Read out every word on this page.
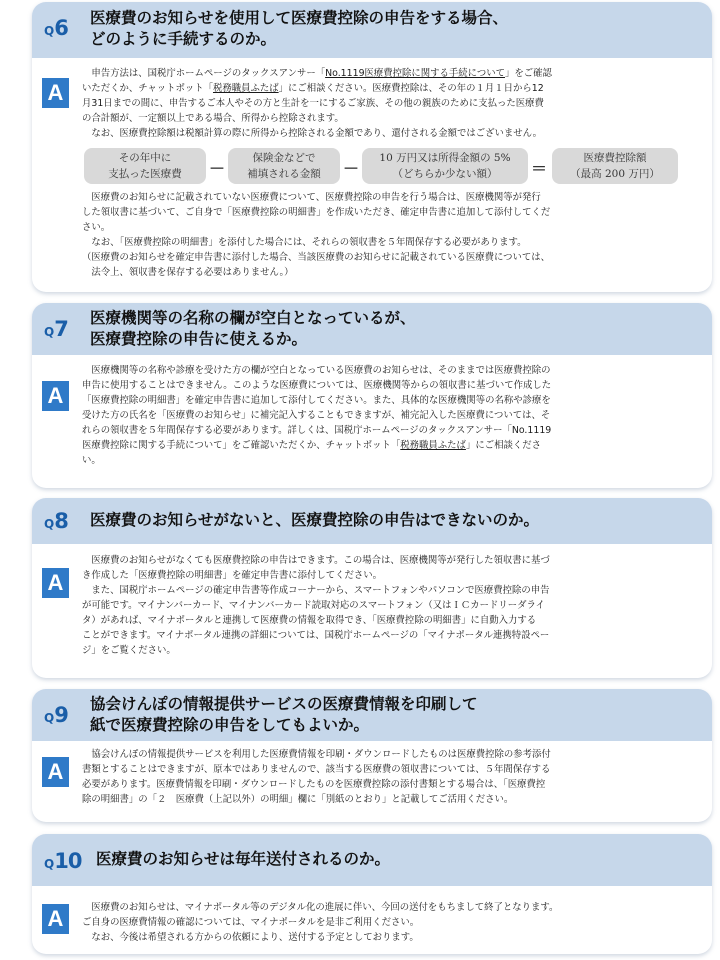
Q6 医療費のお知らせを使用して医療費控除の申告をする場合、
どのように手続するのか。
A
　申告方法は、国税庁ホームページのタックスアンサー「No.1119医療費控除に関する手続について」をご確認
いただくか、チャットボット「税務職員ふたば」にご相談ください。医療費控除は、その年の１月１日から12
月31日までの間に、申告するご本人やその方と生計を一にするご家族、その他の親族のために支払った医療費
の合計額が、一定額以上である場合、所得から控除されます。
　なお、医療費控除額は税額計算の際に所得から控除される金額であり、還付される金額ではございません。
その年中に
支払った医療費	－
保険金などで
補填される金額	－
10 万円又は所得金額の 5%
（どちらか少ない額）	＝
医療費控除額
（最高 200 万円）
　医療費のお知らせに記載されていない医療費について、医療費控除の申告を行う場合は、医療機関等が発行
した領収書に基づいて、ご自身で「医療費控除の明細書」を作成いただき、確定申告書に追加して添付してくだ
さい。
　なお、「医療費控除の明細書」を添付した場合には、それらの領収書を５年間保存する必要があります。
（医療費のお知らせを確定申告書に添付した場合、当該医療費のお知らせに記載されている医療費については、
　法令上、領収書を保存する必要はありません。）
Q7 医療機関等の名称の欄が空白となっているが、
医療費控除の申告に使えるか。
A
　医療機関等の名称や診療を受けた方の欄が空白となっている医療費のお知らせは、そのままでは医療費控除の
申告に使用することはできません。このような医療費については、医療機関等からの領収書に基づいて作成した
「医療費控除の明細書」を確定申告書に追加して添付してください。また、具体的な医療機関等の名称や診療を
受けた方の氏名を「医療費のお知らせ」に補完記入することもできますが、補完記入した医療費については、そ
れらの領収書を５年間保存する必要があります。詳しくは、国税庁ホームページのタックスアンサー「No.1119
医療費控除に関する手続について」をご確認いただくか、チャットボット「税務職員ふたば」にご相談くださ
い。
Q8 医療費のお知らせがないと、医療費控除の申告はできないのか。
A
　医療費のお知らせがなくても医療費控除の申告はできます。この場合は、医療機関等が発行した領収書に基づ
き作成した「医療費控除の明細書」を確定申告書に添付してください。
　また、国税庁ホームページの確定申告書等作成コーナーから、スマートフォンやパソコンで医療費控除の申告
が可能です。マイナンバーカード、マイナンバーカード読取対応のスマートフォン（又はＩＣカードリーダライ
タ）があれば、マイナポータルと連携して医療費の情報を取得でき、「医療費控除の明細書」に自動入力する
ことができます。マイナポータル連携の詳細については、国税庁ホームページの「マイナポータル連携特設ペー
ジ」をご覧ください。
Q9 協会けんぽの情報提供サービスの医療費情報を印刷して
紙で医療費控除の申告をしてもよいか。
A
　協会けんぽの情報提供サービスを利用した医療費情報を印刷・ダウンロードしたものは医療費控除の参考添付
書類とすることはできますが、原本ではありませんので、該当する医療費の領収書については、５年間保存する
必要があります。医療費情報を印刷・ダウンロードしたものを医療費控除の添付書類とする場合は、「医療費控
除の明細書」の「２　医療費（上記以外）の明細」欄に「別紙のとおり」と記載してご活用ください。
Q10 医療費のお知らせは毎年送付されるのか。
A	　医療費のお知らせは、マイナポータル等のデジタル化の進展に伴い、今回の送付をもちまして終了となります。
ご自身の医療費情報の確認については、マイナポータルを是非ご利用ください。
　なお、今後は希望される方からの依頼により、送付する予定としております。
